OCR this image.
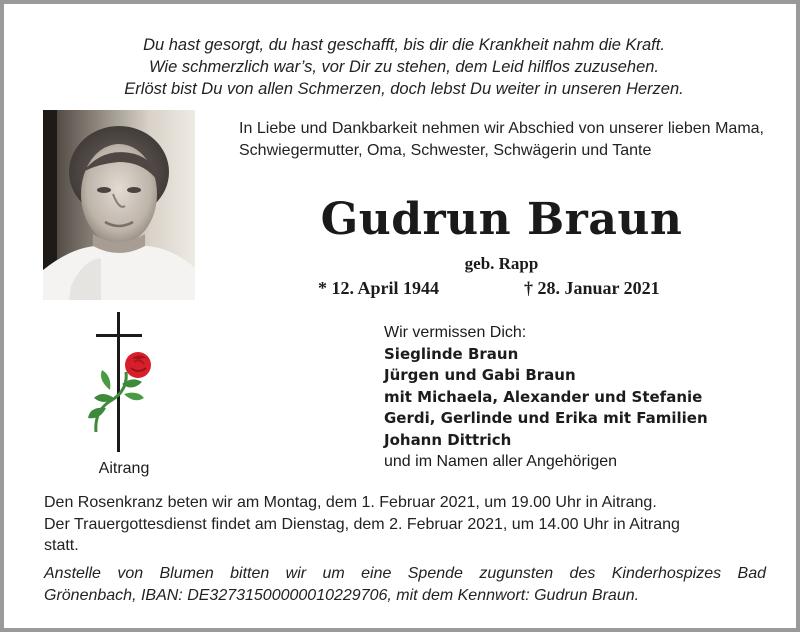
Du hast gesorgt, du hast geschafft, bis dir die Krankheit nahm die Kraft.
Wie schmerzlich war’s, vor Dir zu stehen, dem Leid hilflos zuzusehen.
Erlöst bist Du von allen Schmerzen, doch lebst Du weiter in unseren Herzen.
In Liebe und Dankbarkeit nehmen wir Abschied von unserer lieben Mama, Schwiegermutter, Oma, Schwester, Schwägerin und Tante
Gudrun Braun
geb. Rapp
* 12. April 1944	† 28. Januar 2021
Aitrang
Wir vermissen Dich:
Sieglinde Braun
Jürgen und Gabi Braun
mit Michaela, Alexander und Stefanie
Gerdi, Gerlinde und Erika mit Familien
Johann Dittrich
und im Namen aller Angehörigen
Den Rosenkranz beten wir am Montag, dem 1. Februar 2021, um 19.00 Uhr in Aitrang.
Der Trauergottesdienst findet am Dienstag, dem 2. Februar 2021, um 14.00 Uhr in Aitrang
statt.
Anstelle von Blumen bitten wir um eine Spende zugunsten des Kinderhospizes Bad
Grönenbach, IBAN: DE32731500000010229706, mit dem Kennwort: Gudrun Braun.
